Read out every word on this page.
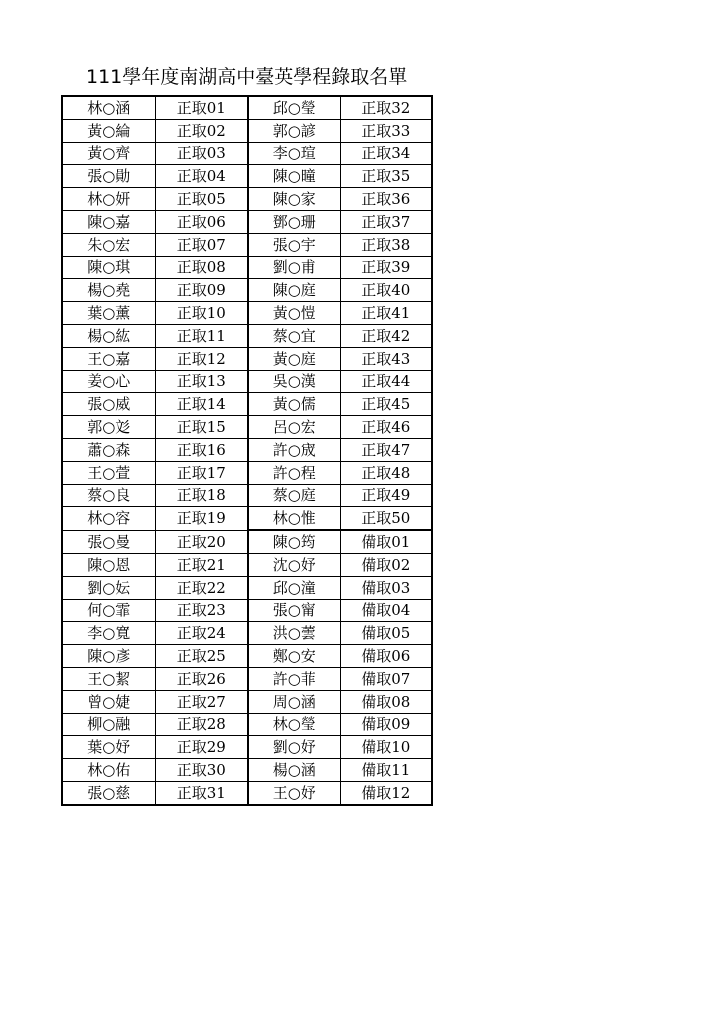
111學年度南湖高中臺英學程錄取名單
林○涵	正取01	邱○瑩	正取32
黃○綸	正取02	郭○諺	正取33
黃○齊	正取03	李○瑄	正取34
張○勛	正取04	陳○曈	正取35
林○妍	正取05	陳○家	正取36
陳○嘉	正取06	鄧○珊	正取37
朱○宏	正取07	張○宇	正取38
陳○琪	正取08	劉○甫	正取39
楊○堯	正取09	陳○庭	正取40
葉○薰	正取10	黃○愷	正取41
楊○紘	正取11	蔡○宜	正取42
王○嘉	正取12	黃○庭	正取43
姜○心	正取13	吳○漢	正取44
張○威	正取14	黃○儒	正取45
郭○彣	正取15	呂○宏	正取46
蕭○森	正取16	許○宬	正取47
王○萱	正取17	許○程	正取48
蔡○良	正取18	蔡○庭	正取49
林○容	正取19	林○惟	正取50
張○曼	正取20	陳○筠	備取01
陳○恩	正取21	沈○妤	備取02
劉○妘	正取22	邱○潼	備取03
何○霏	正取23	張○甯	備取04
李○寬	正取24	洪○蕓	備取05
陳○彥	正取25	鄭○安	備取06
王○絜	正取26	許○菲	備取07
曾○婕	正取27	周○涵	備取08
柳○融	正取28	林○瑩	備取09
葉○妤	正取29	劉○妤	備取10
林○佑	正取30	楊○涵	備取11
張○慈	正取31	王○妤	備取12
